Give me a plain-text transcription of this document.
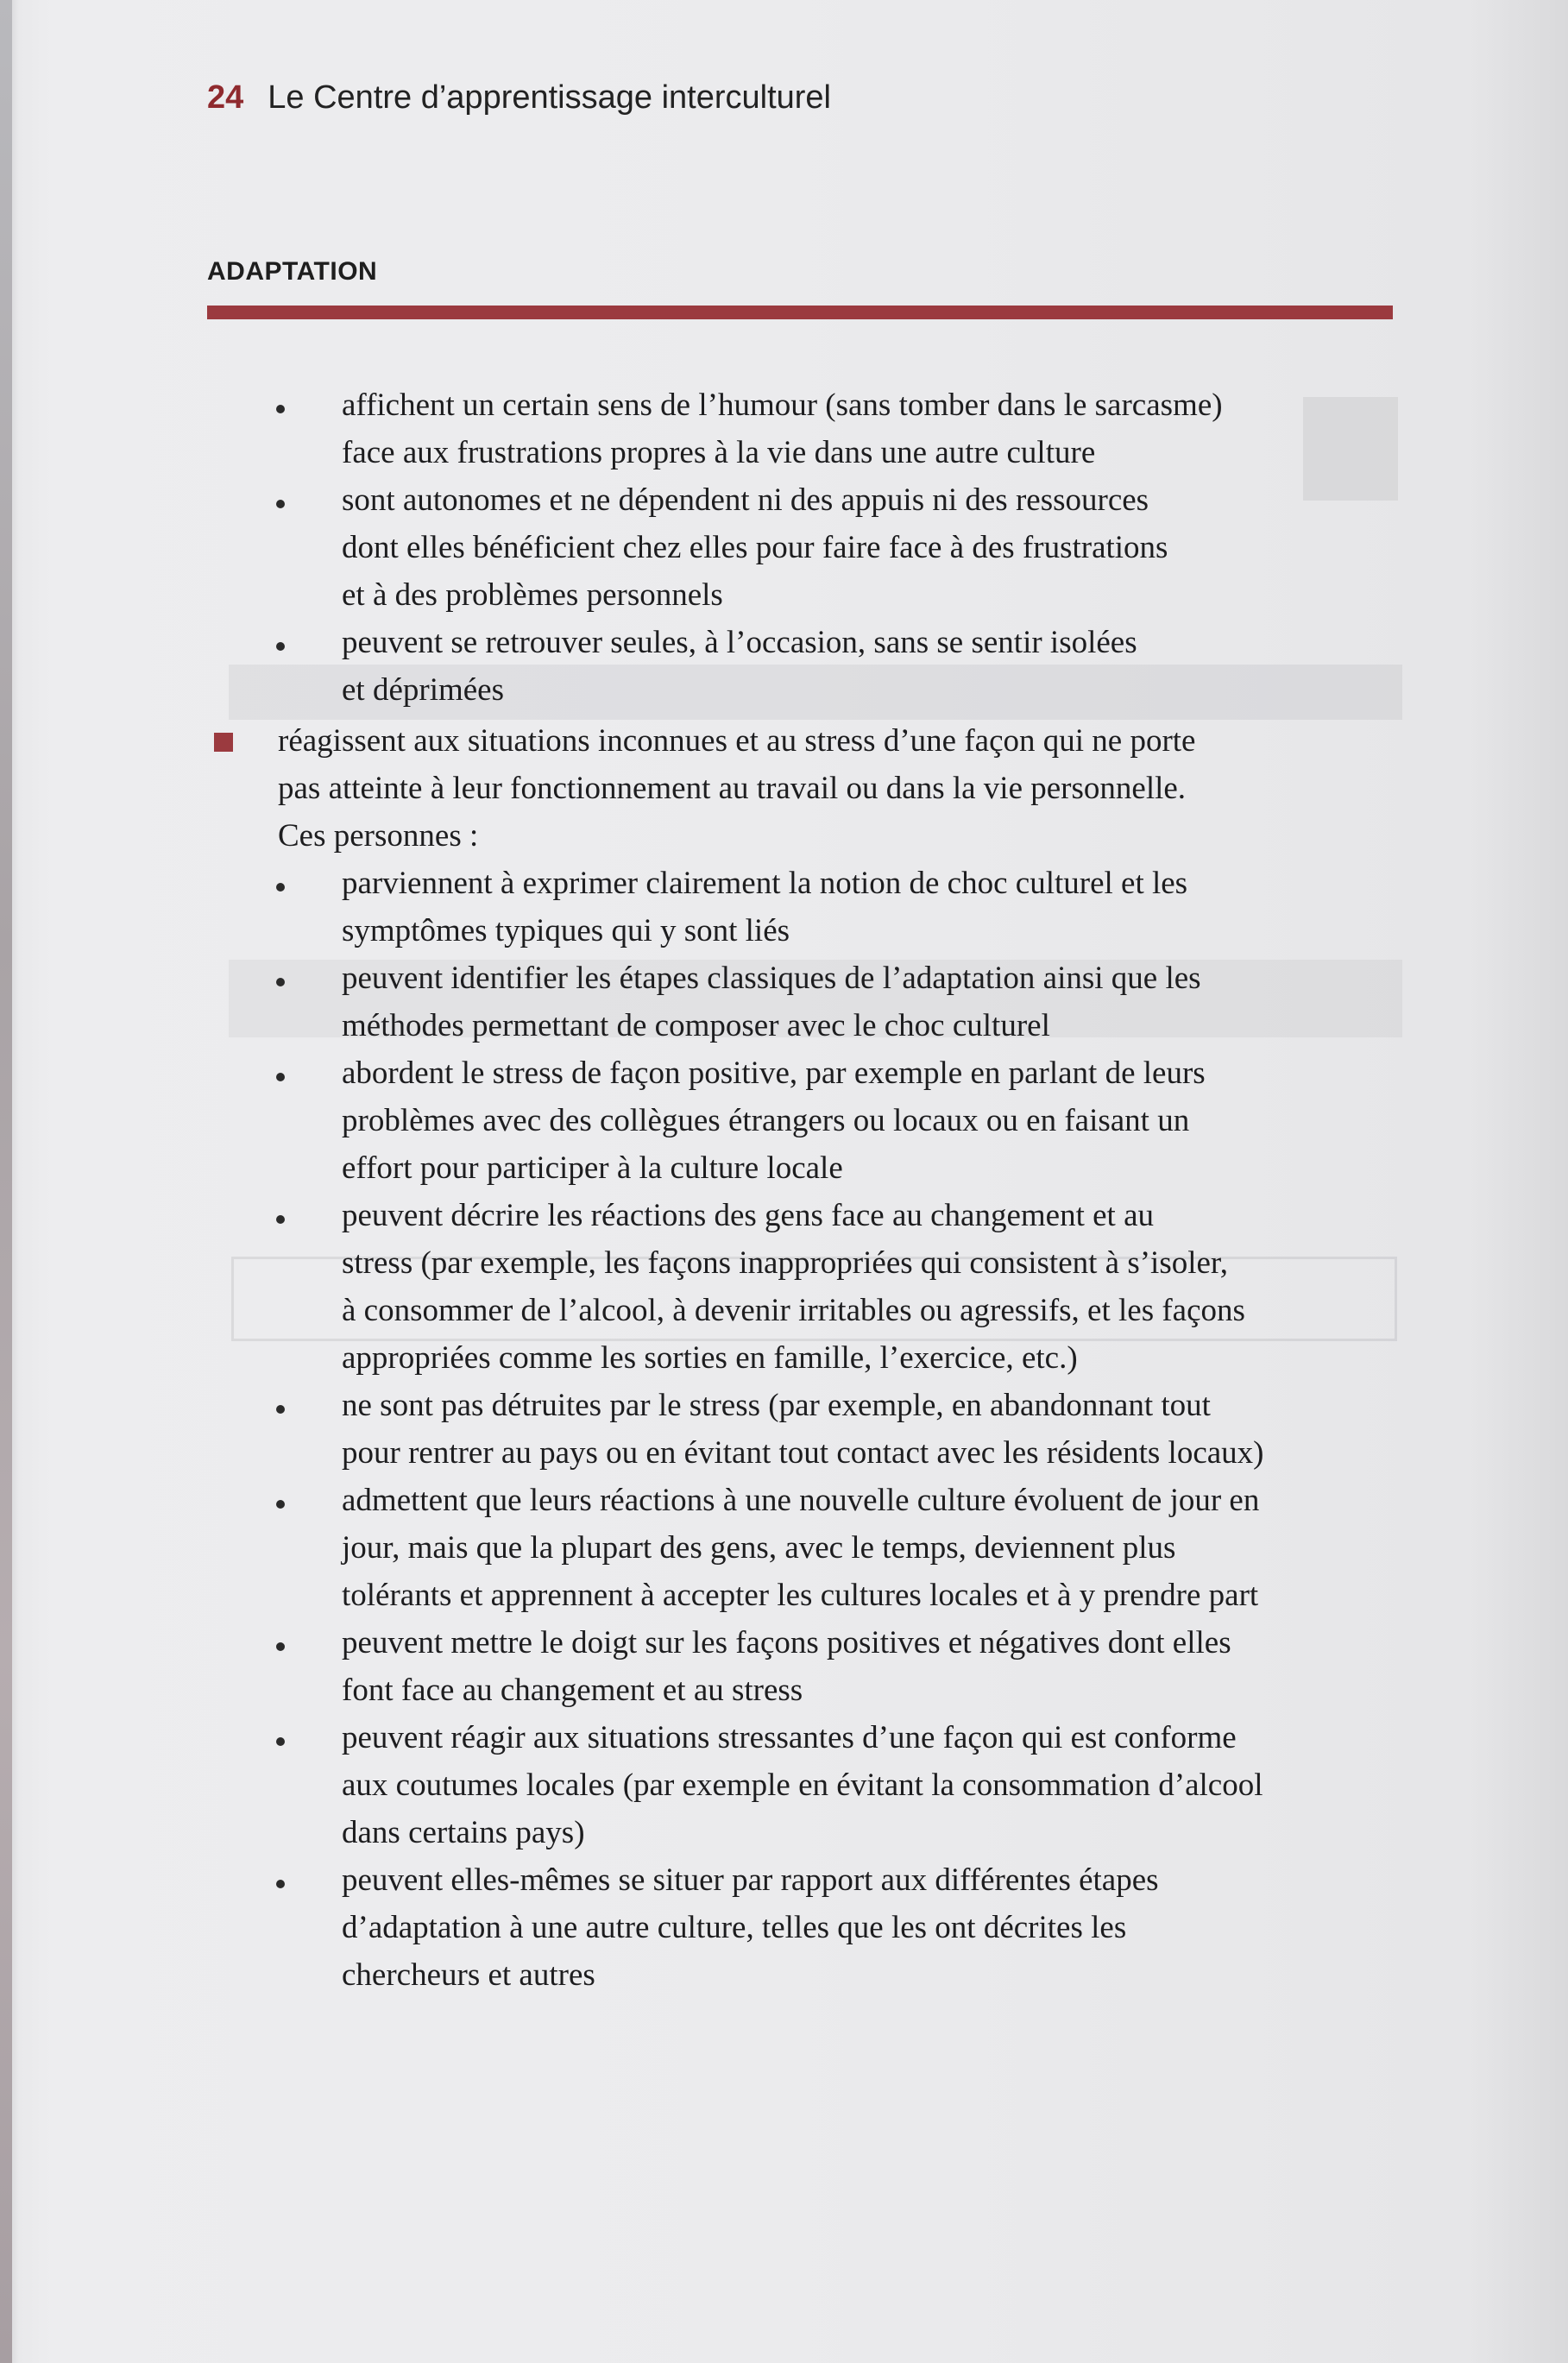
24 Le Centre d’apprentissage interculturel
ADAPTATION
affichent un certain sens de l’humour (sans tomber dans le sarcasme)
face aux frustrations propres à la vie dans une autre culture
sont autonomes et ne dépendent ni des appuis ni des ressources
dont elles bénéficient chez elles pour faire face à des frustrations
et à des problèmes personnels
peuvent se retrouver seules, à l’occasion, sans se sentir isolées
et déprimées
réagissent aux situations inconnues et au stress d’une façon qui ne porte
pas atteinte à leur fonctionnement au travail ou dans la vie personnelle.
Ces personnes :
parviennent à exprimer clairement la notion de choc culturel et les
symptômes typiques qui y sont liés
peuvent identifier les étapes classiques de l’adaptation ainsi que les
méthodes permettant de composer avec le choc culturel
abordent le stress de façon positive, par exemple en parlant de leurs
problèmes avec des collègues étrangers ou locaux ou en faisant un
effort pour participer à la culture locale
peuvent décrire les réactions des gens face au changement et au
stress (par exemple, les façons inappropriées qui consistent à s’isoler,
à consommer de l’alcool, à devenir irritables ou agressifs, et les façons
appropriées comme les sorties en famille, l’exercice, etc.)
ne sont pas détruites par le stress (par exemple, en abandonnant tout
pour rentrer au pays ou en évitant tout contact avec les résidents locaux)
admettent que leurs réactions à une nouvelle culture évoluent de jour en
jour, mais que la plupart des gens, avec le temps, deviennent plus
tolérants et apprennent à accepter les cultures locales et à y prendre part
peuvent mettre le doigt sur les façons positives et négatives dont elles
font face au changement et au stress
peuvent réagir aux situations stressantes d’une façon qui est conforme
aux coutumes locales (par exemple en évitant la consommation d’alcool
dans certains pays)
peuvent elles-mêmes se situer par rapport aux différentes étapes
d’adaptation à une autre culture, telles que les ont décrites les
chercheurs et autres
